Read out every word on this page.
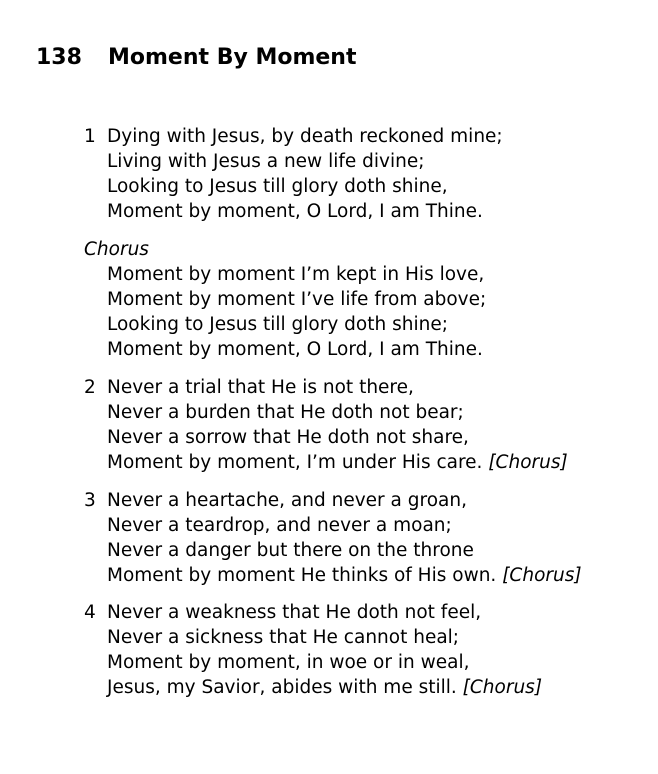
138 Moment By Moment
1 Dying with Jesus, by death reckoned mine;
Living with Jesus a new life divine;
Looking to Jesus till glory doth shine,
Moment by moment, O Lord, I am Thine.
Chorus
Moment by moment I’m kept in His love,
Moment by moment I’ve life from above;
Looking to Jesus till glory doth shine;
Moment by moment, O Lord, I am Thine.
2 Never a trial that He is not there,
Never a burden that He doth not bear;
Never a sorrow that He doth not share,
Moment by moment, I’m under His care. [Chorus]
3 Never a heartache, and never a groan,
Never a teardrop, and never a moan;
Never a danger but there on the throne
Moment by moment He thinks of His own. [Chorus]
4 Never a weakness that He doth not feel,
Never a sickness that He cannot heal;
Moment by moment, in woe or in weal,
Jesus, my Savior, abides with me still. [Chorus]
